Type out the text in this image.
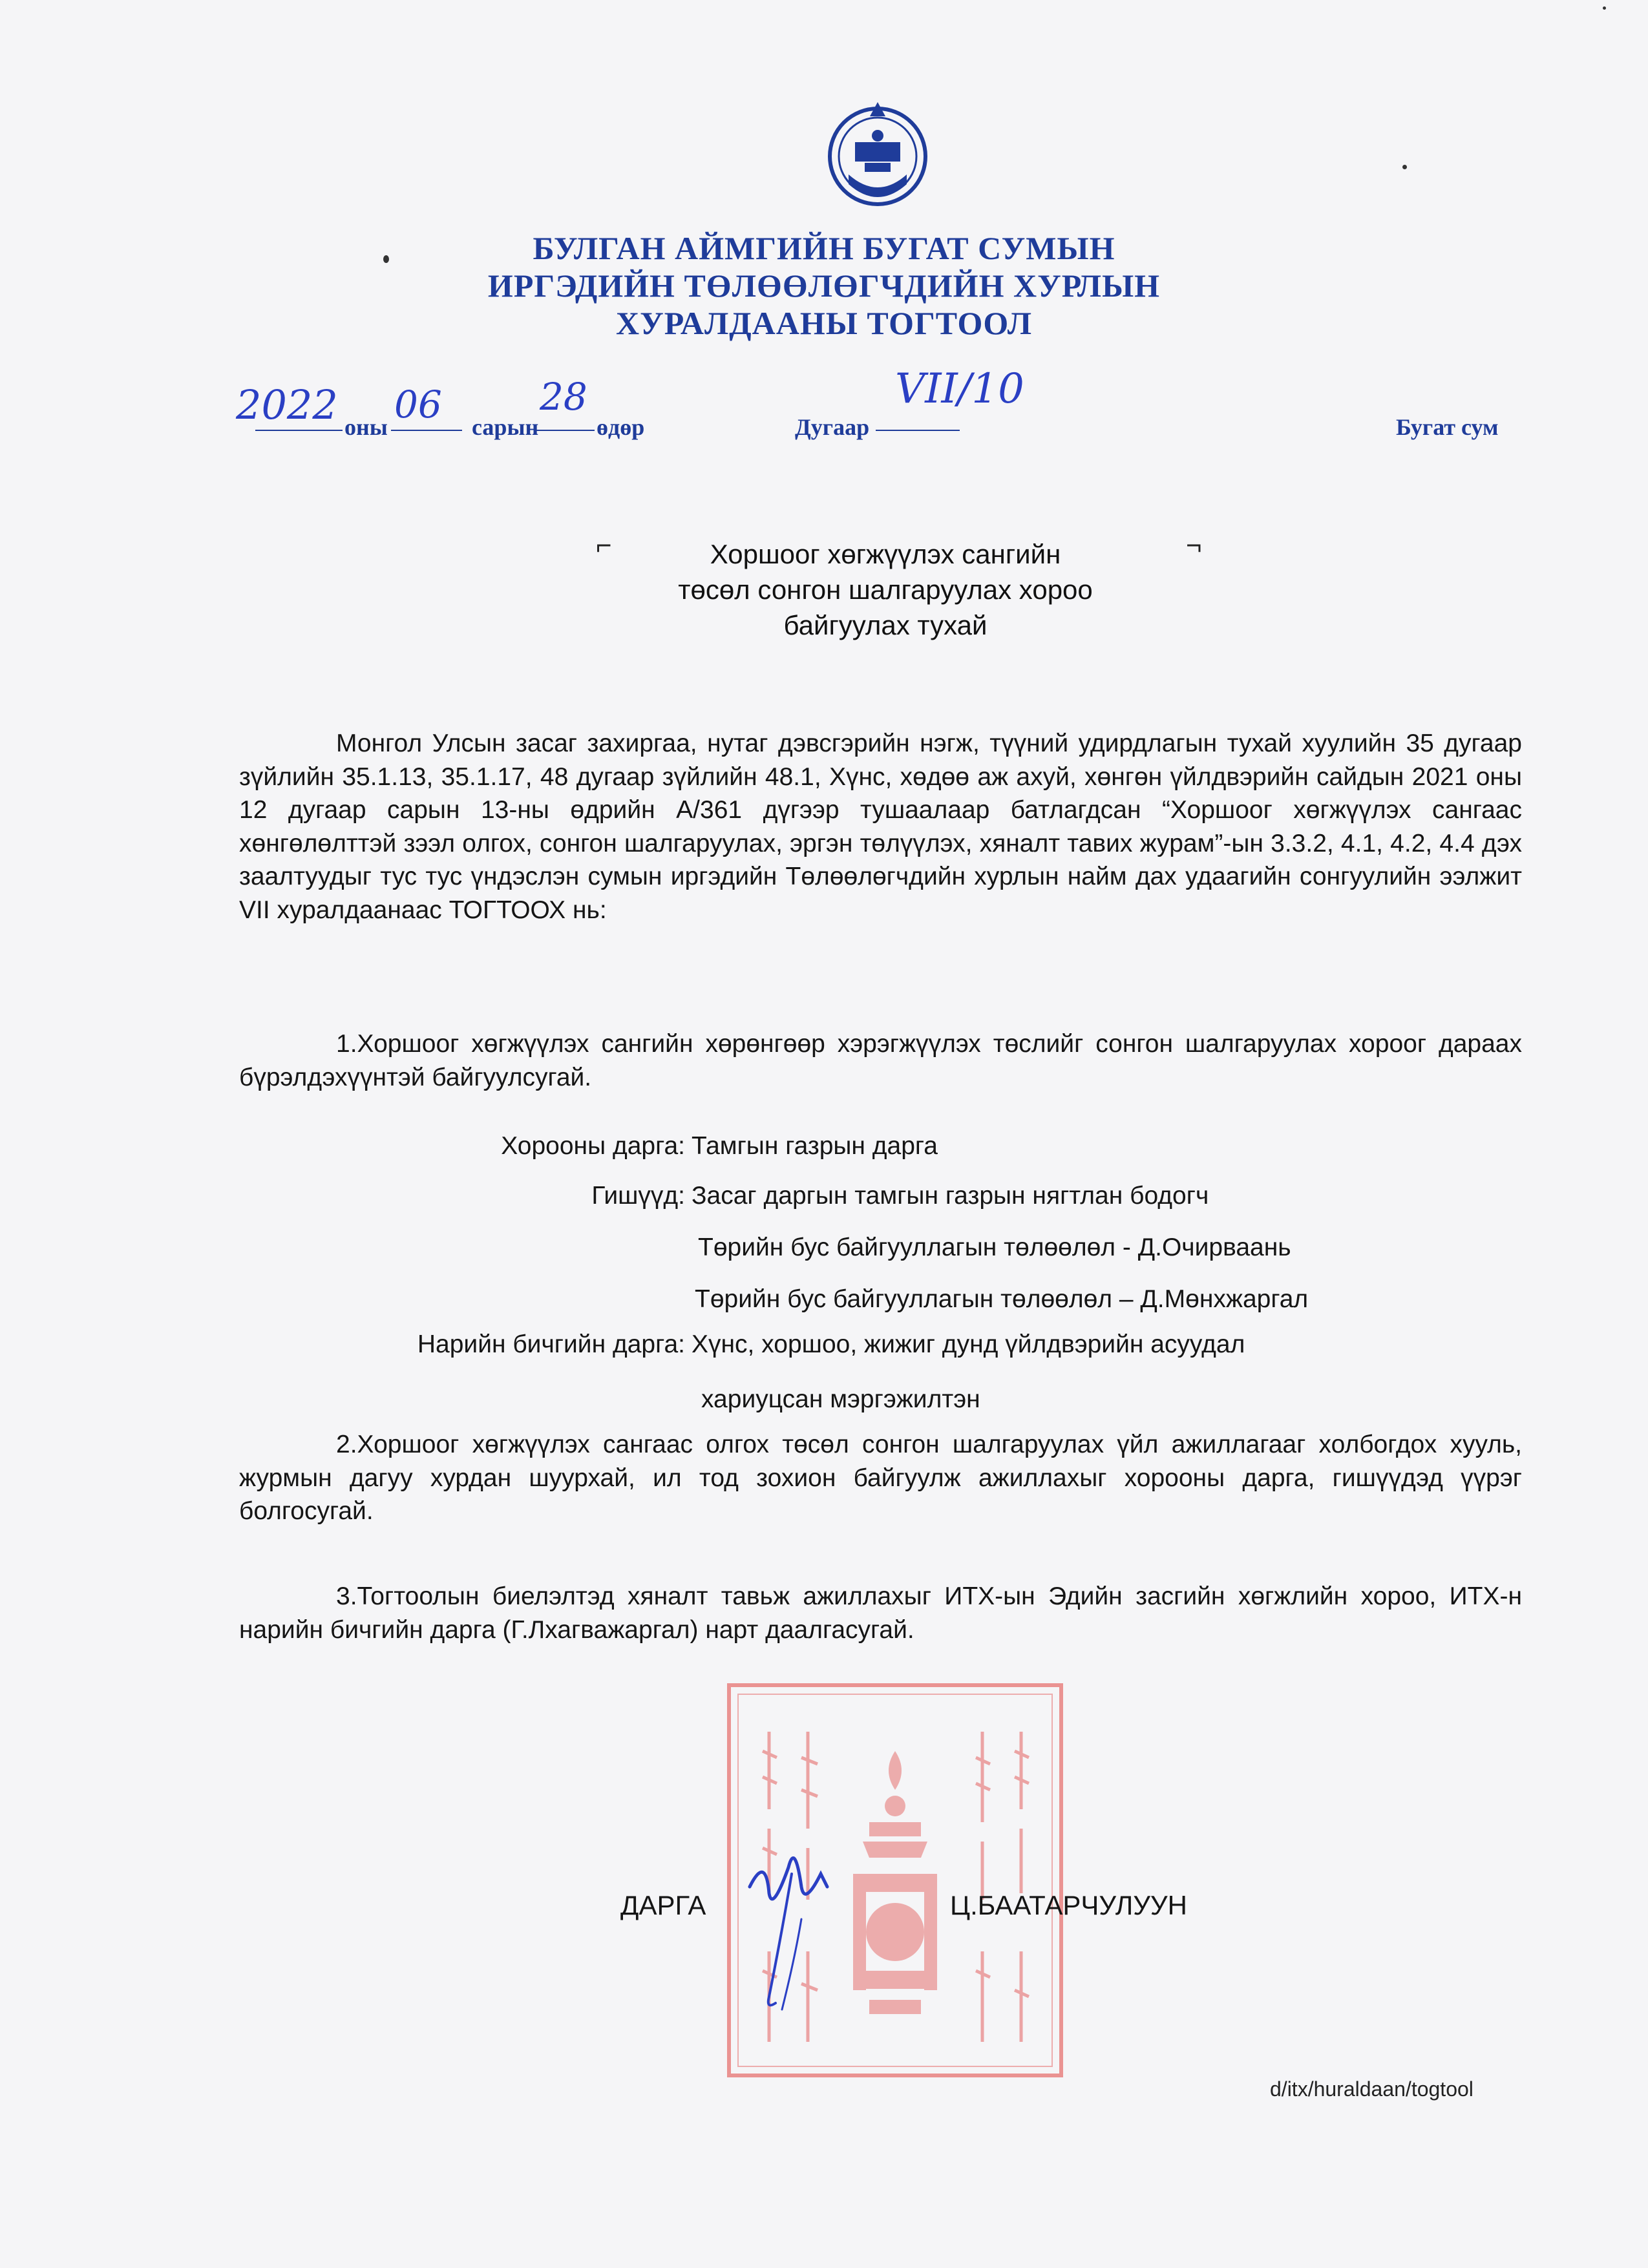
БУЛГАН АЙМГИЙН БУГАТ СУМЫН
ИРГЭДИЙН ТӨЛӨӨЛӨГЧДИЙН ХУРЛЫН
ХУРАЛДААНЫ ТОГТООЛ
2022 оны
06
сарын
28
өдөр	Дугаар
VII/10
Бугат сум
⌐	¬
Хоршоог хөгжүүлэх сангийн
төсөл сонгон шалгаруулах хороо
байгуулах тухай

Монгол Улсын засаг захиргаа, нутаг дэвсгэрийн нэгж, түүний удирдлагын тухай хуулийн 35 дугаар зүйлийн 35.1.13, 35.1.17, 48 дугаар зүйлийн 48.1, Хүнс, хөдөө аж ахуй, хөнгөн үйлдвэрийн сайдын 2021 оны 12 дугаар сарын 13-ны өдрийн А/361 дүгээр тушаалаар батлагдсан “Хоршоог хөгжүүлэх сангаас хөнгөлөлттэй зээл олгох, сонгон шалгаруулах, эргэн төлүүлэх, хяналт тавих журам”-ын 3.3.2, 4.1, 4.2, 4.4 дэх заалтуудыг тус тус үндэслэн сумын иргэдийн Төлөөлөгчдийн хурлын найм дах удаагийн сонгуулийн ээлжит VII хуралдаанаас ТОГТООХ нь:

1.Хоршоог хөгжүүлэх сангийн хөрөнгөөр хэрэгжүүлэх төслийг сонгон шалгаруулах хороог дараах бүрэлдэхүүнтэй байгуулсугай.

Хорооны дарга: Тамгын газрын дарга
Гишүүд: Засаг даргын тамгын газрын нягтлан бодогч
Төрийн бус байгууллагын төлөөлөл - Д.Очирваань
Төрийн бус байгууллагын төлөөлөл – Д.Мөнхжаргал
Нарийн бичгийн дарга: Хүнс, хоршоо, жижиг дунд үйлдвэрийн асуудал
хариуцсан мэргэжилтэн

2.Хоршоог хөгжүүлэх сангаас олгох төсөл сонгон шалгаруулах үйл ажиллагааг холбогдох хууль, журмын дагуу хурдан шуурхай, ил тод зохион байгуулж ажиллахыг хорооны дарга, гишүүдэд үүрэг болгосугай.

3.Тогтоолын биелэлтэд хяналт тавьж ажиллахыг ИТХ-ын Эдийн засгийн хөгжлийн хороо, ИТХ-н нарийн бичгийн дарга (Г.Лхагважаргал) нарт даалгасугай.

ДАРГА	Ц.БААТАРЧУЛУУН
d/itx/huraldaan/togtool
